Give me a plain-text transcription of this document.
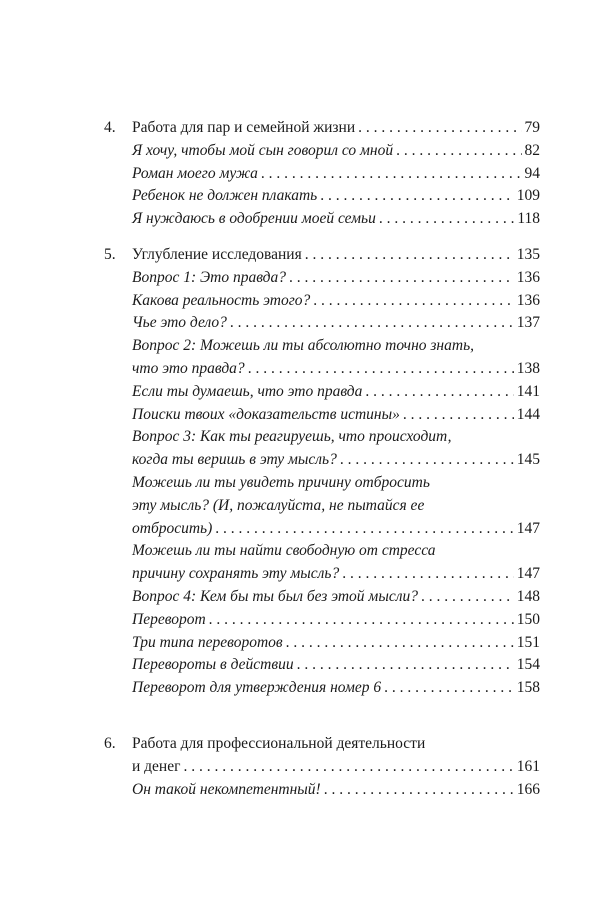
4. Работа для пар и семейной жизни . . .	79
Я хочу, чтобы мой сын говорил со мной . . .	82
Роман моего мужа . . .	94
Ребенок не должен плакать . . .	109
Я нуждаюсь в одобрении моей семьи . . .	118
5. Углубление исследования . . .	135
Вопрос 1: Это правда? . . .	136
Какова реальность этого? . . .	136
Чье это дело? . . .	137
Вопрос 2: Можешь ли ты абсолютно точно знать,
что это правда? . . .	138
Если ты думаешь, что это правда . . .	141
Поиски твоих «доказательств истины» . . .	144
Вопрос 3: Как ты реагируешь, что происходит,
когда ты веришь в эту мысль? . . .	145
Можешь ли ты увидеть причину отбросить
эту мысль? (И, пожалуйста, не пытайся ее
отбросить) . . .	147
Можешь ли ты найти свободную от стресса
причину сохранять эту мысль? . . .	147
Вопрос 4: Кем бы ты был без этой мысли? . . .	148
Переворот . . .	150
Три типа переворотов . . .	151
Перевороты в действии . . .	154
Переворот для утверждения номер 6 . . .	158
6. Работа для профессиональной деятельности
и денег . . .	161
Он такой некомпетентный! . . .	166
